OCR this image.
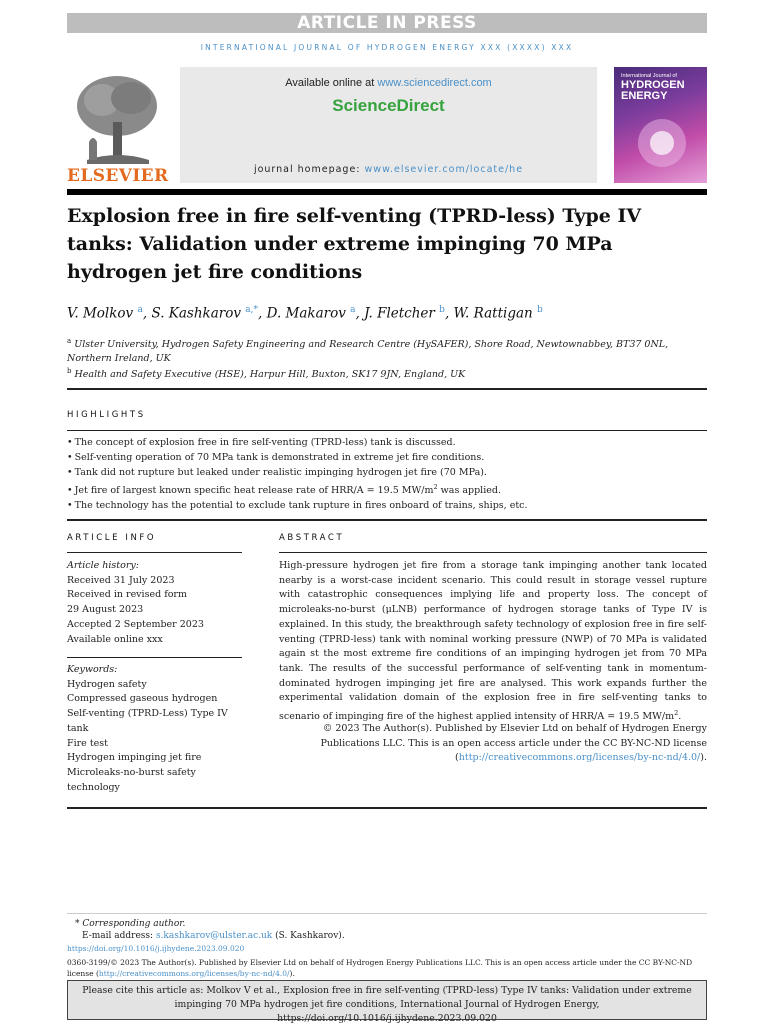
ARTICLE IN PRESS
INTERNATIONAL JOURNAL OF HYDROGEN ENERGY XXX (XXXX) XXX
ELSEVIER
Available online at www.sciencedirect.com
ScienceDirect
journal homepage: www.elsevier.com/locate/he
International Journal of
HYDROGEN
ENERGY
Explosion free in fire self-venting (TPRD-less) Type IV tanks: Validation under extreme impinging 70 MPa hydrogen jet fire conditions
V. Molkov $^a$, S. Kashkarov $^{a,*}$, D. Makarov $^a$, J. Fletcher $^b$, W. Rattigan $^b$
$^a$ Ulster University, Hydrogen Safety Engineering and Research Centre (HySAFER), Shore Road, Newtownabbey, BT37 0NL, Northern Ireland, UK
$^b$ Health and Safety Executive (HSE), Harpur Hill, Buxton, SK17 9JN, England, UK
HIGHLIGHTS
• The concept of explosion free in fire self-venting (TPRD-less) tank is discussed.
• Self-venting operation of 70 MPa tank is demonstrated in extreme jet fire conditions.
• Tank did not rupture but leaked under realistic impinging hydrogen jet fire (70 MPa).
• Jet fire of largest known specific heat release rate of HRR/A = 19.5 $MW/m^2$ was applied.
• The technology has the potential to exclude tank rupture in fires onboard of trains, ships, etc.
ARTICLE INFO
Article history:
Received 31 July 2023
Received in revised form
29 August 2023
Accepted 2 September 2023
Available online xxx
Keywords:
Hydrogen safety
Compressed gaseous hydrogen
Self-venting (TPRD-Less) Type IV
tank
Fire test
Hydrogen impinging jet fire
Microleaks-no-burst safety
technology
ABSTRACT
High-pressure hydrogen jet fire from a storage tank impinging another tank located nearby is a worst-case incident scenario. This could result in storage vessel rupture with catastrophic consequences implying life and property loss. The concept of microleaks-no-burst (μLNB) performance of hydrogen storage tanks of Type IV is explained. In this study, the breakthrough safety technology of explosion free in fire self-venting (TPRD-less) tank with nominal working pressure (NWP) of 70 MPa is validated again st the most extreme fire conditions of an impinging hydrogen jet from 70 MPa tank. The results of the successful performance of self-venting tank in momentum-dominated hydrogen impinging jet fire are analysed. This work expands further the experimental validation domain of the explosion free in fire self-venting tanks to scenario of impinging fire of the highest applied intensity of HRR/A = 19.5 $MW/m^2$.
© 2023 The Author(s). Published by Elsevier Ltd on behalf of Hydrogen Energy Publications LLC. This is an open access article under the CC BY-NC-ND license (http://creativecommons.org/licenses/by-nc-nd/4.0/).
* Corresponding author.
E-mail address: s.kashkarov@ulster.ac.uk (S. Kashkarov).
https://doi.org/10.1016/j.ijhydene.2023.09.020
0360-3199/© 2023 The Author(s). Published by Elsevier Ltd on behalf of Hydrogen Energy Publications LLC. This is an open access article under the CC BY-NC-ND license (http://creativecommons.org/licenses/by-nc-nd/4.0/).
Please cite this article as: Molkov V et al., Explosion free in fire self-venting (TPRD-less) Type IV tanks: Validation under extreme impinging 70 MPa hydrogen jet fire conditions, International Journal of Hydrogen Energy, https://doi.org/10.1016/j.ijhydene.2023.09.020
